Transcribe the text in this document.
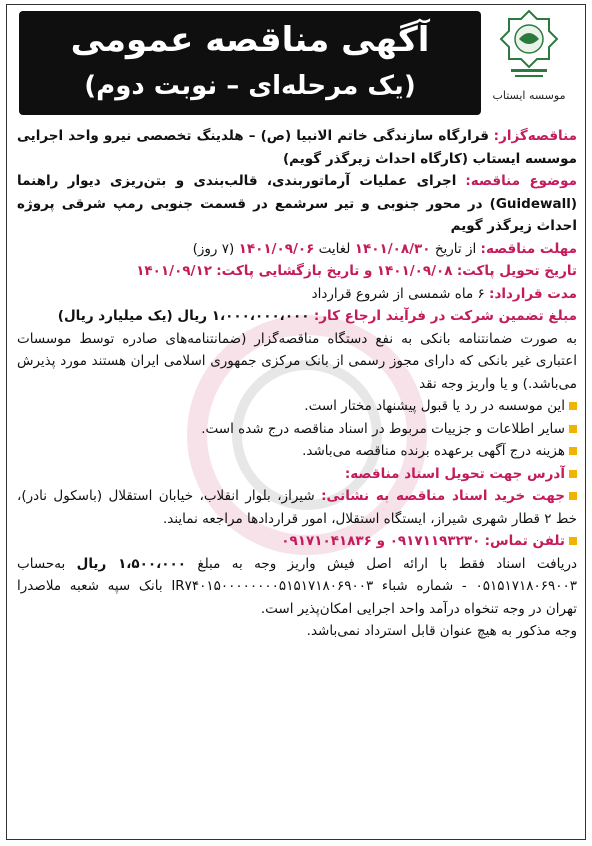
آگهی مناقصه عمومی
(یک مرحله‌ای – نوبت دوم)	موسسه ایستاب

مناقصه‌گزار: قرارگاه سازندگی خاتم الانبیا (ص) – هلدینگ تخصصی نیرو واحد اجرایی موسسه ایستاب (کارگاه احداث زیرگذر گویم)

موضوع مناقصه: اجرای عملیات آرماتوربندی، قالب‌بندی و بتن‌ریزی دیوار راهنما (Guidewall) در محور جنوبی و تیر سرشمع در قسمت جنوبی رمپ شرقی پروژه احداث زیرگذر گویم

مهلت مناقصه: از تاریخ ۱۴۰۱/۰۸/۳۰ لغایت ۱۴۰۱/۰۹/۰۶ (۷ روز)

تاریخ تحویل پاکت: ۱۴۰۱/۰۹/۰۸ و تاریخ بازگشایی پاکت: ۱۴۰۱/۰۹/۱۲

مدت قرارداد: ۶ ماه شمسی از شروع قرارداد

مبلغ تضمین شرکت در فرآیند ارجاع کار: ۱،۰۰۰،۰۰۰،۰۰۰ ریال (یک میلیارد ریال)

به صورت ضمانتنامه بانکی به نفع دستگاه مناقصه‌گزار (ضمانتنامه‌های صادره توسط موسسات اعتباری غیر بانکی که دارای مجوز رسمی از بانک مرکزی جمهوری اسلامی ایران هستند مورد پذیرش می‌باشد.) و یا واریز وجه نقد

این موسسه در رد یا قبول پیشنهاد مختار است.

سایر اطلاعات و جزییات مربوط در اسناد مناقصه درج شده است.

هزینه درج آگهی برعهده برنده مناقصه می‌باشد.

آدرس جهت تحویل اسناد مناقصه:

جهت خرید اسناد مناقصه به نشانی: شیراز، بلوار انقلاب، خیابان استقلال (باسکول نادر)، خط ۲ قطار شهری شیراز، ایستگاه استقلال، امور قراردادها مراجعه نمایند.

تلفن تماس: ۰۹۱۷۱۱۹۳۲۳۰ و ۰۹۱۷۱۰۴۱۸۳۶

دریافت اسناد فقط با ارائه اصل فیش واریز وجه به مبلغ ۱،۵۰۰،۰۰۰ ریال به‌حساب ۰۵۱۵۱۷۱۸۰۶۹۰۰۳ - شماره شباء IR۷۴۰۱۵۰۰۰۰۰۰۰۰۵۱۵۱۷۱۸۰۶۹۰۰۳ بانک سپه شعبه ملاصدرا تهران در وجه تنخواه درآمد واحد اجرایی امکان‌پذیر است.

وجه مذکور به هیچ عنوان قابل استرداد نمی‌باشد.
